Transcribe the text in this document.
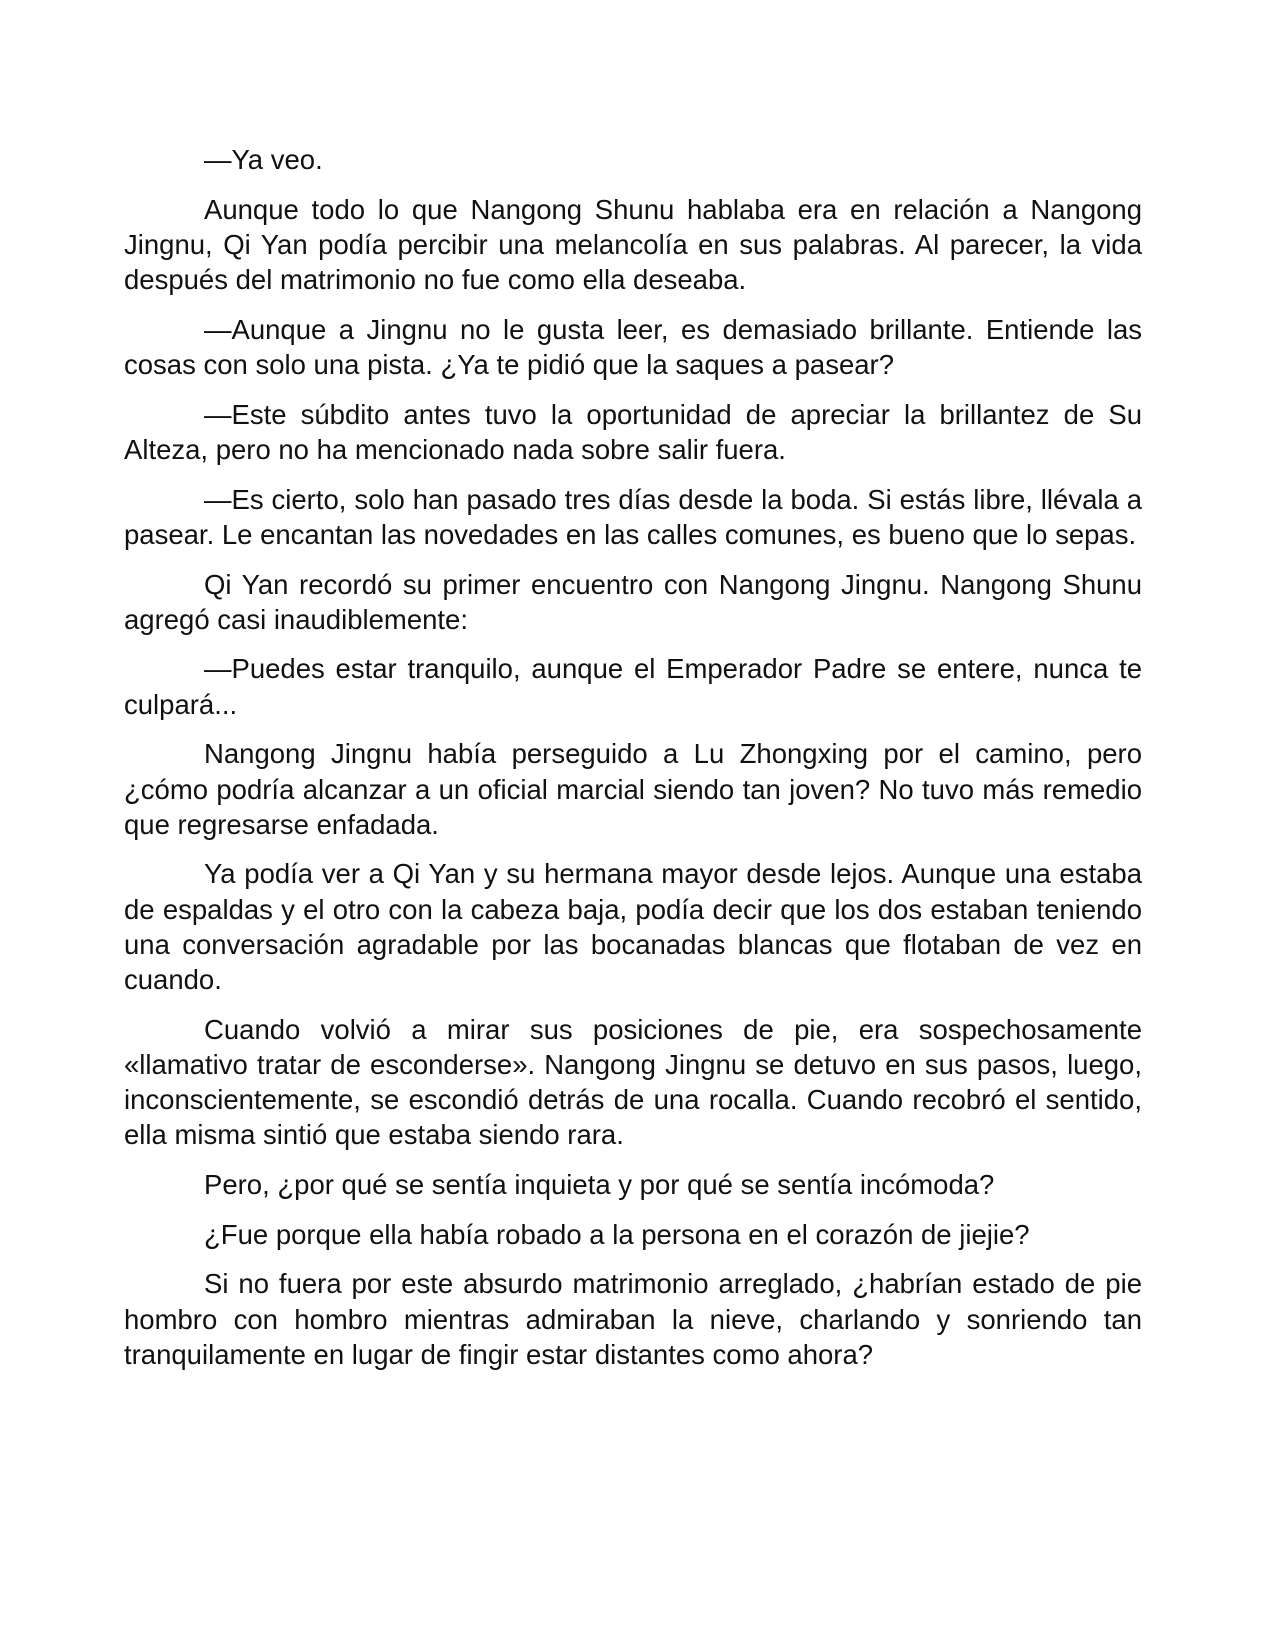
—Ya veo.

Aunque todo lo que Nangong Shunu hablaba era en relación a Nangong Jingnu, Qi Yan podía percibir una melancolía en sus palabras. Al parecer, la vida después del matrimonio no fue como ella deseaba.

—Aunque a Jingnu no le gusta leer, es demasiado brillante. Entiende las cosas con solo una pista. ¿Ya te pidió que la saques a pasear?

—Este súbdito antes tuvo la oportunidad de apreciar la brillantez de Su Alteza, pero no ha mencionado nada sobre salir fuera.

—Es cierto, solo han pasado tres días desde la boda. Si estás libre, llévala a pasear. Le encantan las novedades en las calles comunes, es bueno que lo sepas.

Qi Yan recordó su primer encuentro con Nangong Jingnu. Nangong Shunu agregó casi inaudiblemente:

—Puedes estar tranquilo, aunque el Emperador Padre se entere, nunca te culpará...

Nangong Jingnu había perseguido a Lu Zhongxing por el camino, pero ¿cómo podría alcanzar a un oficial marcial siendo tan joven? No tuvo más remedio que regresarse enfadada.

Ya podía ver a Qi Yan y su hermana mayor desde lejos. Aunque una estaba de espaldas y el otro con la cabeza baja, podía decir que los dos estaban teniendo una conversación agradable por las bocanadas blancas que flotaban de vez en cuando.

Cuando volvió a mirar sus posiciones de pie, era sospechosamente «llamativo tratar de esconderse». Nangong Jingnu se detuvo en sus pasos, luego, inconscientemente, se escondió detrás de una rocalla. Cuando recobró el sentido, ella misma sintió que estaba siendo rara.

Pero, ¿por qué se sentía inquieta y por qué se sentía incómoda?

¿Fue porque ella había robado a la persona en el corazón de jiejie?

Si no fuera por este absurdo matrimonio arreglado, ¿habrían estado de pie hombro con hombro mientras admiraban la nieve, charlando y sonriendo tan tranquilamente en lugar de fingir estar distantes como ahora?
